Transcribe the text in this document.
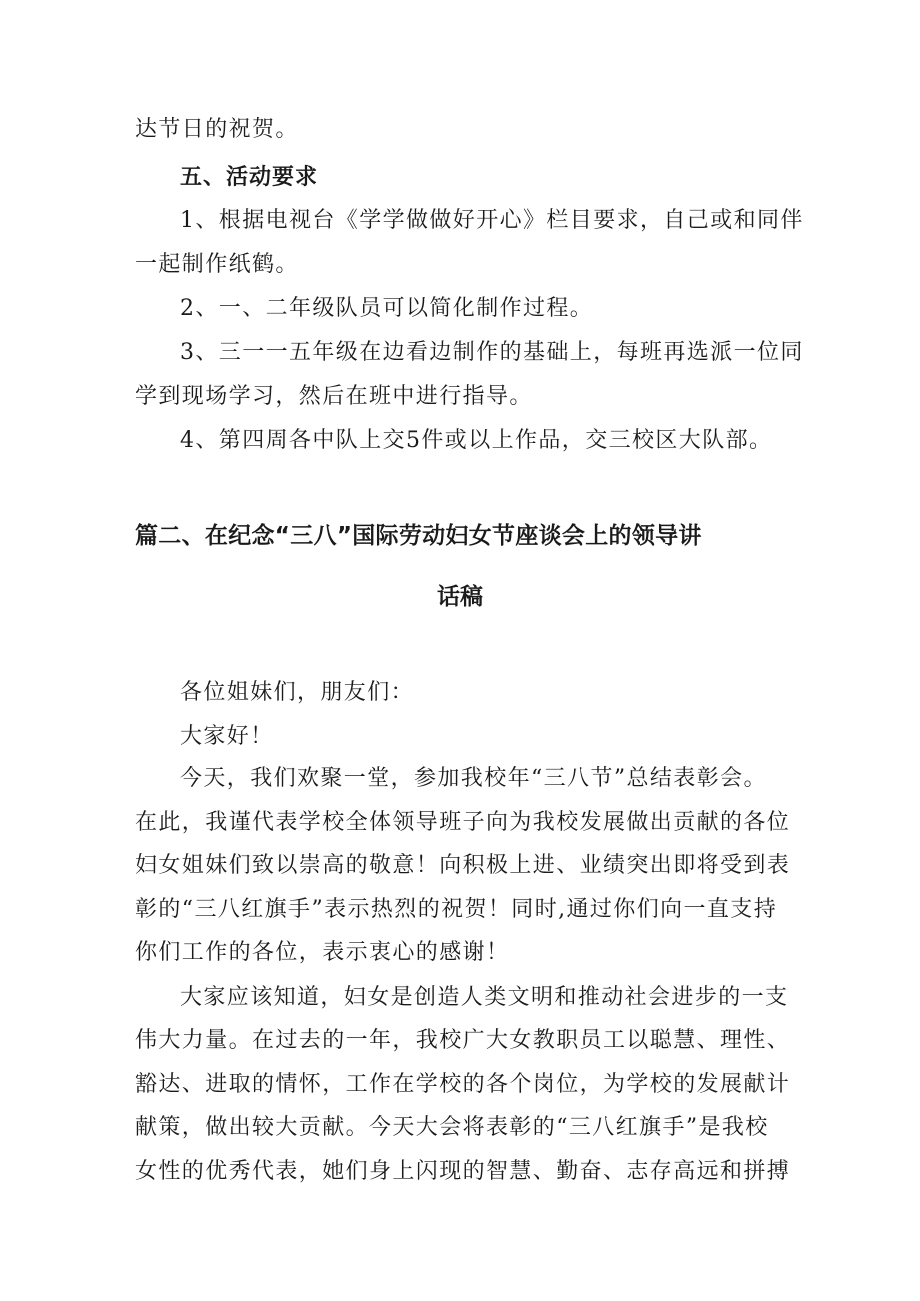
达节日的祝贺。
五、活动要求
1、根据电视台《学学做做好开心》栏目要求，自己或和同伴
一起制作纸鹤。
2、一、二年级队员可以简化制作过程。
3、三一一五年级在边看边制作的基础上，每班再选派一位同
学到现场学习，然后在班中进行指导。
4、第四周各中队上交5件或以上作品，交三校区大队部。
篇二、在纪念“三八”国际劳动妇女节座谈会上的领导讲
话稿
各位姐妹们，朋友们：
大家好！
今天，我们欢聚一堂，参加我校年“三八节”总结表彰会。
在此，我谨代表学校全体领导班子向为我校发展做出贡献的各位
妇女姐妹们致以崇高的敬意！向积极上进、业绩突出即将受到表
彰的“三八红旗手”表示热烈的祝贺！同时,通过你们向一直支持
你们工作的各位，表示衷心的感谢！
大家应该知道，妇女是创造人类文明和推动社会进步的一支
伟大力量。在过去的一年，我校广大女教职员工以聪慧、理性、
豁达、进取的情怀，工作在学校的各个岗位，为学校的发展献计
献策，做出较大贡献。今天大会将表彰的“三八红旗手”是我校
女性的优秀代表，她们身上闪现的智慧、勤奋、志存高远和拼搏
